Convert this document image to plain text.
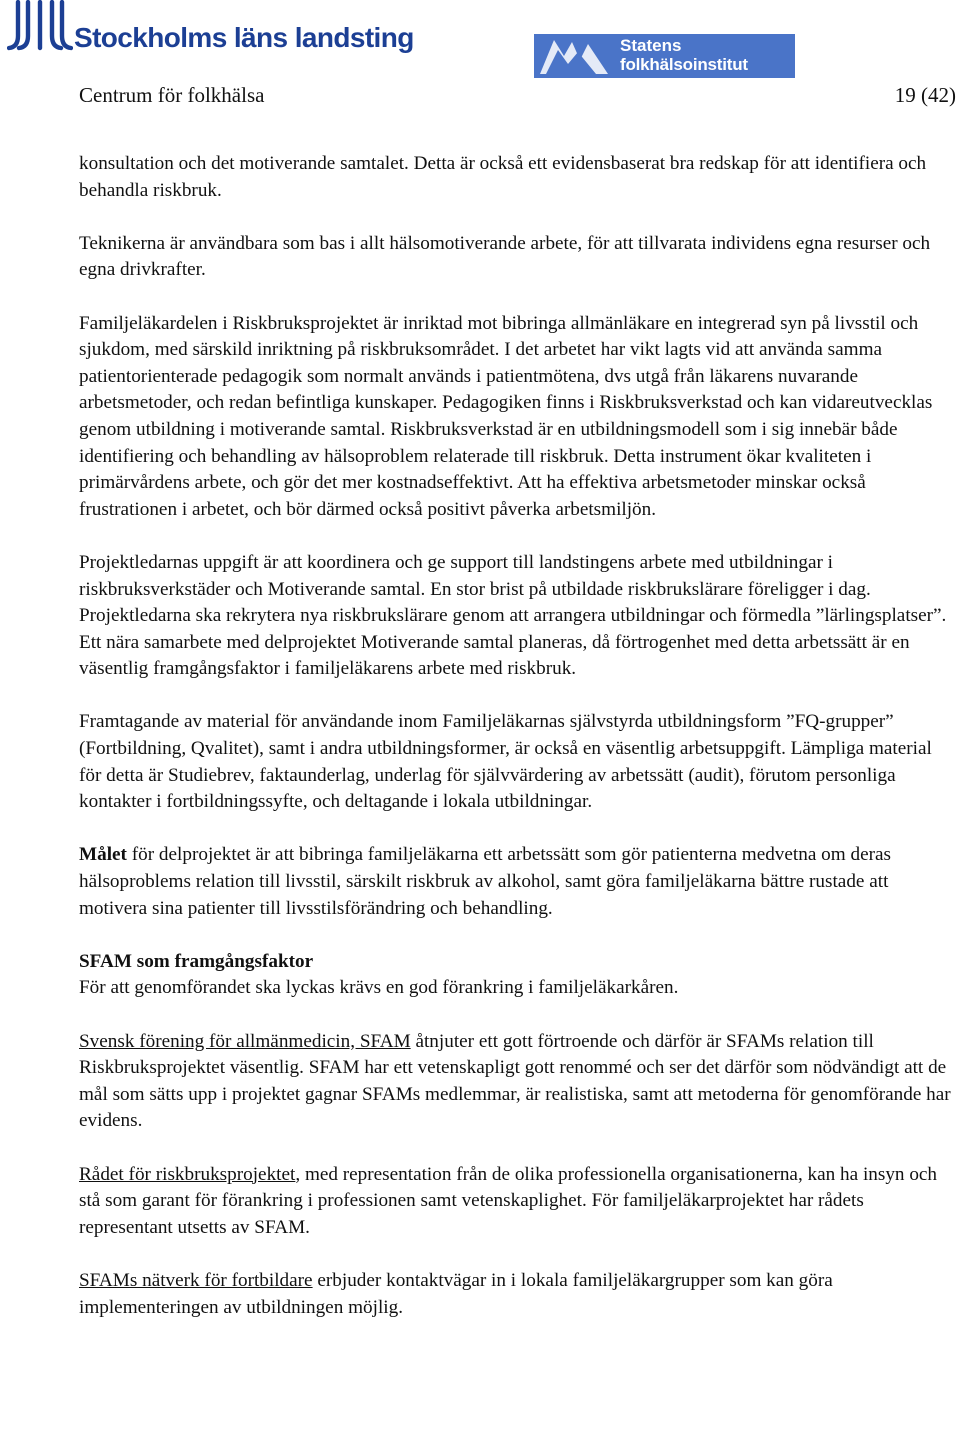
Stockholms läns landsting	Statens
folkhälsoinstitut
Centrum för folkhälsa	19 (42)

konsultation och det motiverande samtalet. Detta är också ett evidensbaserat bra redskap för att identifiera och behandla riskbruk.

Teknikerna är användbara som bas i allt hälsomotiverande arbete, för att tillvarata individens egna resurser och egna drivkrafter.

Familjeläkardelen i Riskbruksprojektet är inriktad mot bibringa allmänläkare en integrerad syn på livsstil och sjukdom, med särskild inriktning på riskbruksområdet. I det arbetet har vikt lagts vid att använda samma patientorienterade pedagogik som normalt används i patientmötena, dvs utgå från läkarens nuvarande arbetsmetoder, och redan befintliga kunskaper. Pedagogiken finns i Riskbruksverkstad och kan vidareutvecklas genom utbildning i motiverande samtal. Riskbruksverkstad är en utbildningsmodell som i sig innebär både identifiering och behandling av hälsoproblem relaterade till riskbruk. Detta instrument ökar kvaliteten i primärvårdens arbete, och gör det mer kostnadseffektivt. Att ha effektiva arbetsmetoder minskar också frustrationen i arbetet, och bör därmed också positivt påverka arbetsmiljön.

Projektledarnas uppgift är att koordinera och ge support till landstingens arbete med utbildningar i riskbruksverkstäder och Motiverande samtal. En stor brist på utbildade riskbrukslärare föreligger i dag. Projektledarna ska rekrytera nya riskbrukslärare genom att arrangera utbildningar och förmedla ”lärlingsplatser”. Ett nära samarbete med delprojektet Motiverande samtal planeras, då förtrogenhet med detta arbetssätt är en väsentlig framgångsfaktor i familjeläkarens arbete med riskbruk.

Framtagande av material för användande inom Familjeläkarnas självstyrda utbildningsform ”FQ-grupper” (Fortbildning, Qvalitet), samt i andra utbildningsformer, är också en väsentlig arbetsuppgift. Lämpliga material för detta är Studiebrev, faktaunderlag, underlag för självvärdering av arbetssätt (audit), förutom personliga kontakter i fortbildningssyfte, och deltagande i lokala utbildningar.

Målet för delprojektet är att bibringa familjeläkarna ett arbetssätt som gör patienterna medvetna om deras hälsoproblems relation till livsstil, särskilt riskbruk av alkohol, samt göra familjeläkarna bättre rustade att motivera sina patienter till livsstilsförändring och behandling.

SFAM som framgångsfaktor
För att genomförandet ska lyckas krävs en god förankring i familjeläkarkåren.

Svensk förening för allmänmedicin, SFAM åtnjuter ett gott förtroende och därför är SFAMs relation till Riskbruksprojektet väsentlig. SFAM har ett vetenskapligt gott renommé och ser det därför som nödvändigt att de mål som sätts upp i projektet gagnar SFAMs medlemmar, är realistiska, samt att metoderna för genomförande har evidens.

Rådet för riskbruksprojektet, med representation från de olika professionella organisationerna, kan ha insyn och stå som garant för förankring i professionen samt vetenskaplighet. För familjeläkarprojektet har rådets representant utsetts av SFAM.

SFAMs nätverk för fortbildare erbjuder kontaktvägar in i lokala familjeläkargrupper som kan göra implementeringen av utbildningen möjlig.
